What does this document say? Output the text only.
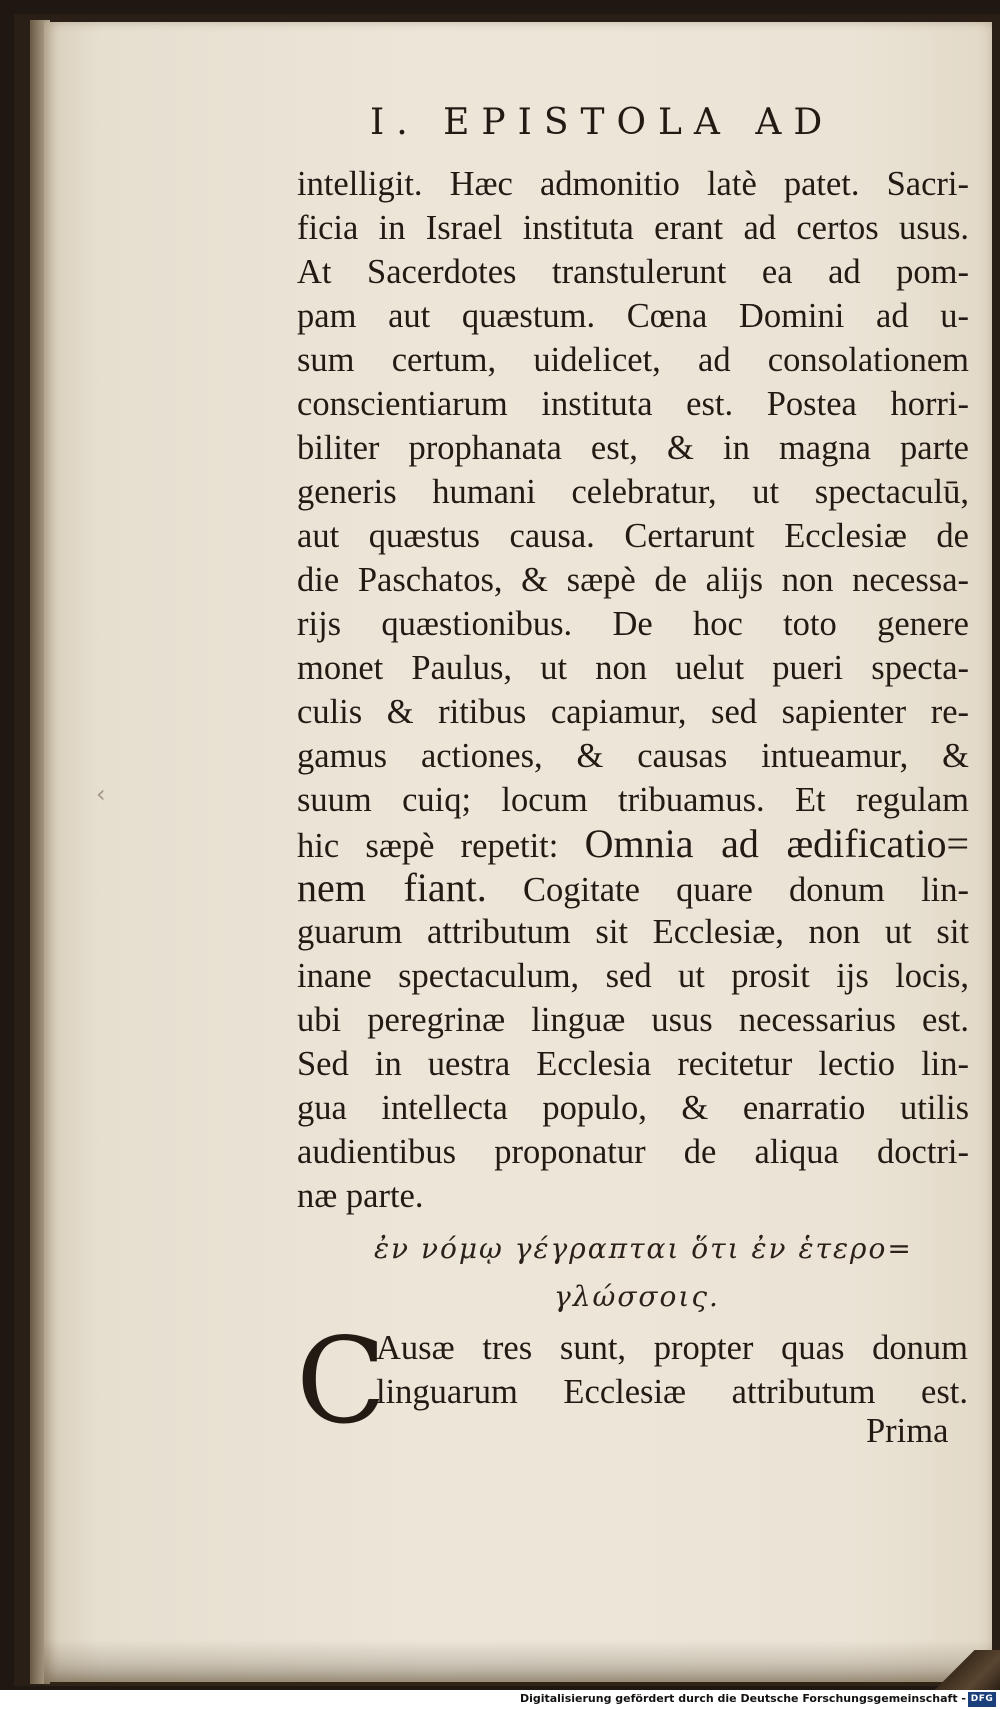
‹
I. EPISTOLA AD
intelligit. Hæc admonitio latè patet. Sacri-
ficia in Israel instituta erant ad certos usus.
At Sacerdotes transtulerunt ea ad pom-
pam aut quæstum. Cœna Domini ad u-
sum certum, uidelicet, ad consolationem
conscientiarum instituta est. Postea horri-
biliter prophanata est, & in magna parte
generis humani celebratur, ut spectaculū,
aut quæstus causa. Certarunt Ecclesiæ de
die Paschatos, & sæpè de alijs non necessa-
rijs quæstionibus. De hoc toto genere
monet Paulus, ut non uelut pueri specta-
culis & ritibus capiamur, sed sapienter re-
gamus actiones, & causas intueamur, &
suum cuiq; locum tribuamus. Et regulam
hic sæpè repetit: Omnia ad ædificatio=
nem fiant. Cogitate quare donum lin-
guarum attributum sit Ecclesiæ, non ut sit
inane spectaculum, sed ut prosit ijs locis,
ubi peregrinæ linguæ usus necessarius est.
Sed in uestra Ecclesia recitetur lectio lin-
gua intellecta populo, & enarratio utilis
audientibus proponatur de aliqua doctri-
næ parte.
ἐν νόμῳ γέγραπται ὅτι ἐν ἑτερο=
γλώσσοις.
C
Ausæ tres sunt, propter quas donum
linguarum Ecclesiæ attributum est.
Prima
Digitalisierung gefördert durch die Deutsche Forschungsgemeinschaft - DFG
